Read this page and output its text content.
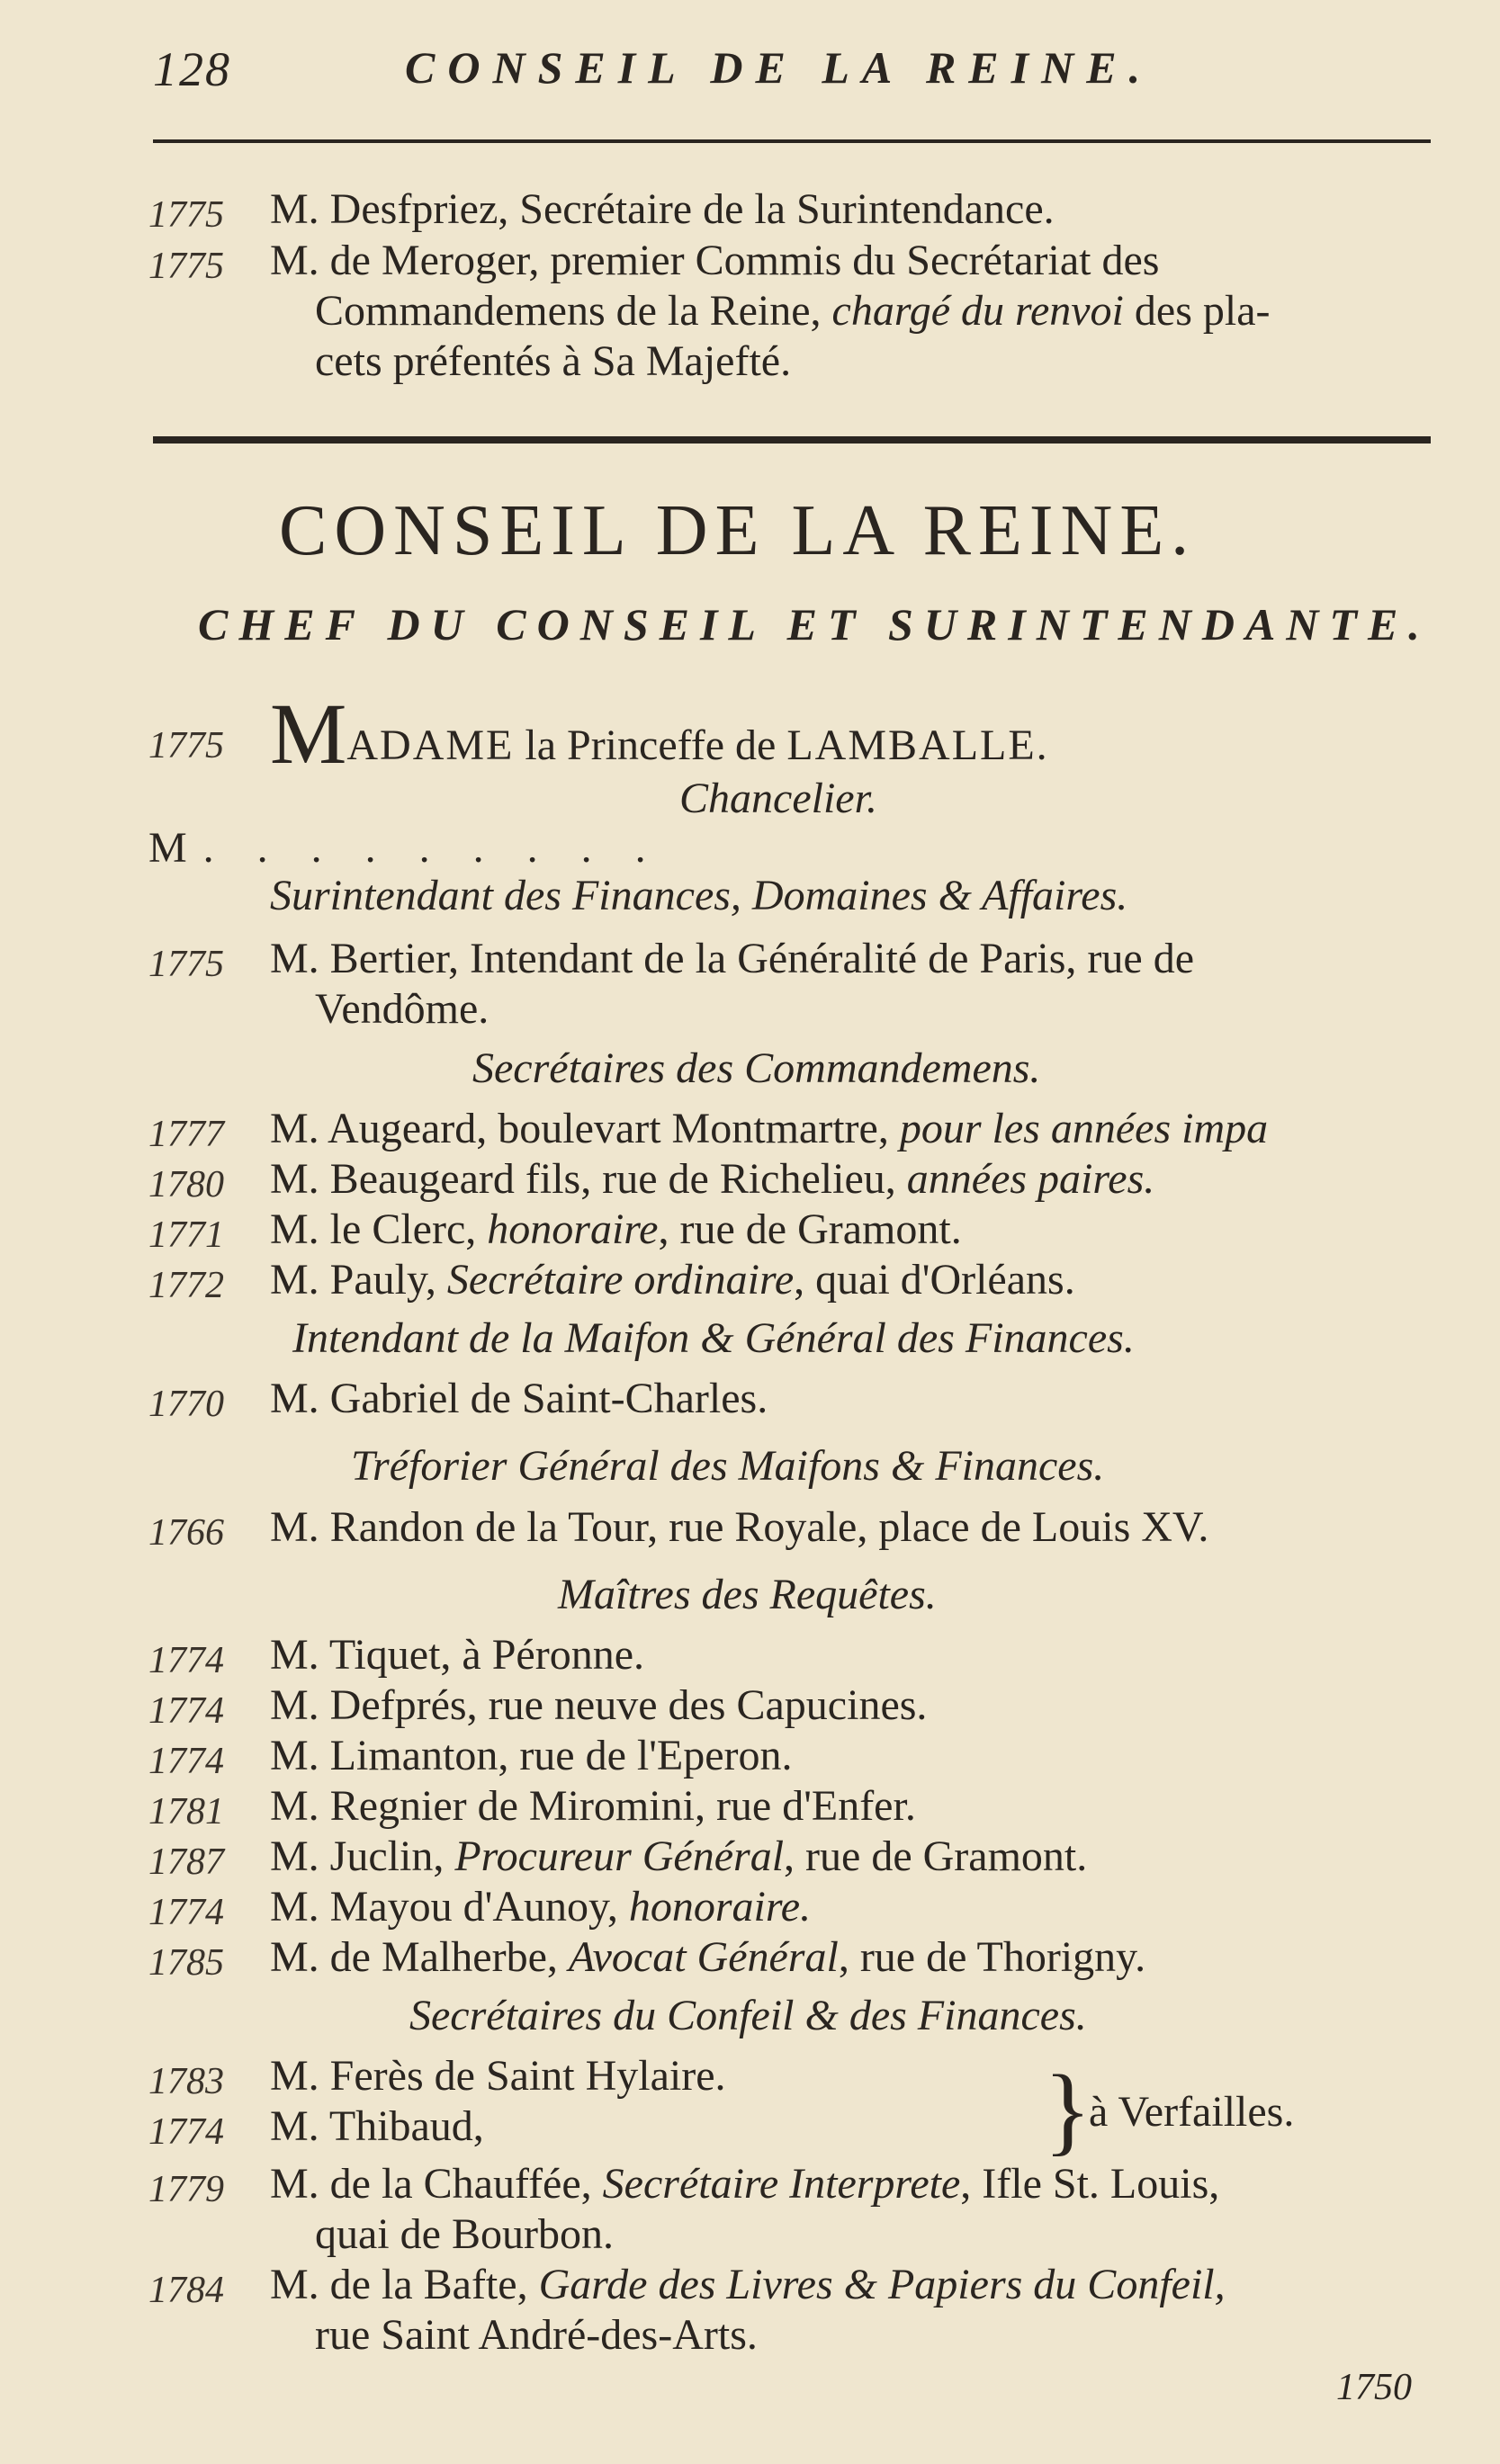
128	CONSEIL DE LA REINE.
1775	M. Desfpriez, Secrétaire de la Surintendance.
1775	M. de Meroger, premier Commis du Secrétariat des
Commandemens de la Reine, chargé du renvoi des pla-
cets préfentés à Sa Majefté.
CONSEIL DE LA REINE.
CHEF DU CONSEIL ET SURINTENDANTE.
1775 MADAME la Princeffe de LAMBALLE.
Chancelier.
M. . . . . . . . .
Surintendant des Finances, Domaines & Affaires.
1775	M. Bertier, Intendant de la Généralité de Paris, rue de
Vendôme.
Secrétaires des Commandemens.
1777	M. Augeard, boulevart Montmartre, pour les années impa
1780	M. Beaugeard fils, rue de Richelieu, années paires.
1771	M. le Clerc, honoraire, rue de Gramont.
1772	M. Pauly, Secrétaire ordinaire, quai d'Orléans.
Intendant de la Maifon & Général des Finances.
1770	M. Gabriel de Saint-Charles.
Tréforier Général des Maifons & Finances.
1766	M. Randon de la Tour, rue Royale, place de Louis XV.
Maîtres des Requêtes.
1774	M. Tiquet, à Péronne.
1774	M. Defprés, rue neuve des Capucines.
1774	M. Limanton, rue de l'Eperon.
1781	M. Regnier de Miromini, rue d'Enfer.
1787	M. Juclin, Procureur Général, rue de Gramont.
1774	M. Mayou d'Aunoy, honoraire.
1785	M. de Malherbe, Avocat Général, rue de Thorigny.
Secrétaires du Confeil & des Finances.
1783	M. Ferès de Saint Hylaire.
1774	M. Thibaud,	}
à Verfailles.
1779	M. de la Chauffée, Secrétaire Interprete, Ifle St. Louis,
quai de Bourbon.
1784	M. de la Bafte, Garde des Livres & Papiers du Confeil,
rue Saint André-des-Arts.
1750
